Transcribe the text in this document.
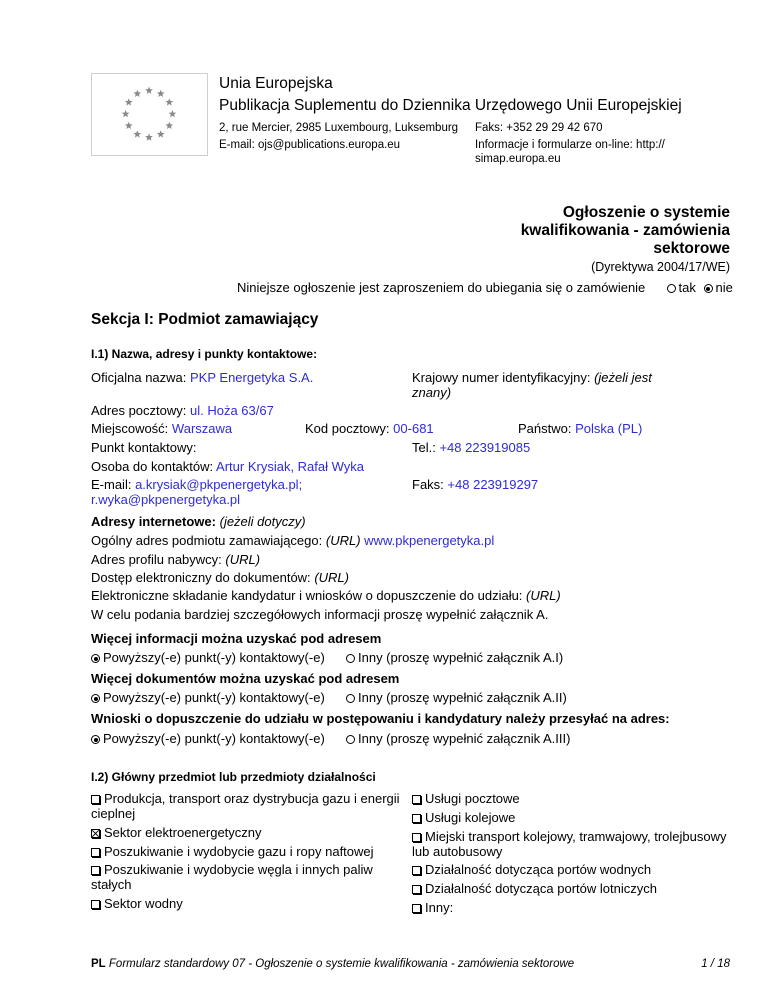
Unia Europejska
Publikacja Suplementu do Dziennika Urzędowego Unii Europejskiej
2, rue Mercier, 2985 Luxembourg, Luksemburg Faks: +352 29 29 42 670
E-mail: ojs@publications.europa.eu	Informacje i formularze on-line: http://
simap.europa.eu
Ogłoszenie o systemie
kwalifikowania - zamówienia
sektorowe
(Dyrektywa 2004/17/WE)
Niniejsze ogłoszenie jest zaproszeniem do ubiegania się o zamówienie	tak nie
Sekcja I: Podmiot zamawiający
I.1) Nazwa, adresy i punkty kontaktowe:
Oficjalna nazwa: PKP Energetyka S.A.	Krajowy numer identyfikacyjny: (jeżeli jest
znany)
Adres pocztowy: ul. Hoża 63/67
Miejscowość: Warszawa	Kod pocztowy: 00-681	Państwo: Polska (PL)
Punkt kontaktowy:	Tel.: +48 223919085
Osoba do kontaktów: Artur Krysiak, Rafał Wyka
E-mail: a.krysiak@pkpenergetyka.pl;
r.wyka@pkpenergetyka.pl
Faks: +48 223919297
Adresy internetowe: (jeżeli dotyczy)
Ogólny adres podmiotu zamawiającego: (URL) www.pkpenergetyka.pl
Adres profilu nabywcy: (URL)
Dostęp elektroniczny do dokumentów: (URL)
Elektroniczne składanie kandydatur i wniosków o dopuszczenie do udziału: (URL)
W celu podania bardziej szczegółowych informacji proszę wypełnić załącznik A.
Więcej informacji można uzyskać pod adresem
Powyższy(-e) punkt(-y) kontaktowy(-e)	Inny (proszę wypełnić załącznik A.I)
Więcej dokumentów można uzyskać pod adresem
Powyższy(-e) punkt(-y) kontaktowy(-e)	Inny (proszę wypełnić załącznik A.II)
Wnioski o dopuszczenie do udziału w postępowaniu i kandydatury należy przesyłać na adres:
Powyższy(-e) punkt(-y) kontaktowy(-e)	Inny (proszę wypełnić załącznik A.III)
I.2) Główny przedmiot lub przedmioty działalności
Produkcja, transport oraz dystrybucja gazu i energii
cieplnej
Sektor elektroenergetyczny
Poszukiwanie i wydobycie gazu i ropy naftowej
Poszukiwanie i wydobycie węgla i innych paliw
stałych
Sektor wodny
Usługi pocztowe
Usługi kolejowe
Miejski transport kolejowy, tramwajowy, trolejbusowy
lub autobusowy
Działalność dotycząca portów wodnych
Działalność dotycząca portów lotniczych
Inny:
PL Formularz standardowy 07 - Ogłoszenie o systemie kwalifikowania - zamówienia sektorowe	1 / 18
